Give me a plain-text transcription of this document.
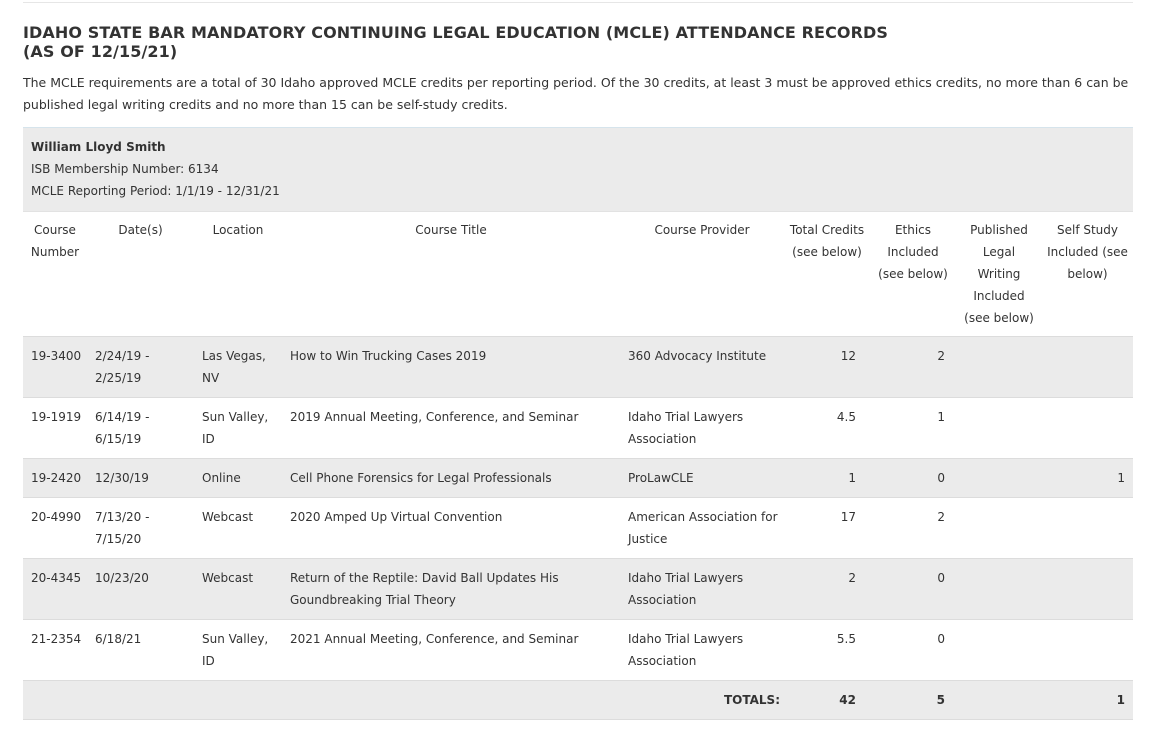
IDAHO STATE BAR MANDATORY CONTINUING LEGAL EDUCATION (MCLE) ATTENDANCE RECORDS
(AS OF 12/15/21)

The MCLE requirements are a total of 30 Idaho approved MCLE credits per reporting period. Of the 30 credits, at least 3 must be approved ethics credits, no more than 6 can be published legal writing credits and no more than 15 can be self-study credits.

William Lloyd Smith
ISB Membership Number: 6134
MCLE Reporting Period: 1/1/19 - 12/31/21
Course Number	Date(s)	Location	Course Title	Course Provider	Total Credits (see below)	Ethics Included (see below)	Published Legal Writing Included (see below)	Self Study Included (see below)
19-3400	2/24/19 - 2/25/19	Las Vegas, NV	How to Win Trucking Cases 2019	360 Advocacy Institute	12	2		
19-1919	6/14/19 - 6/15/19	Sun Valley, ID	2019 Annual Meeting, Conference, and Seminar	Idaho Trial Lawyers Association	4.5	1		
19-2420	12/30/19	Online	Cell Phone Forensics for Legal Professionals	ProLawCLE	1	0		1
20-4990	7/13/20 - 7/15/20	Webcast	2020 Amped Up Virtual Convention	American Association for Justice	17	2		
20-4345	10/23/20	Webcast	Return of the Reptile: David Ball Updates His Goundbreaking Trial Theory	Idaho Trial Lawyers Association	2	0		
21-2354	6/18/21	Sun Valley, ID	2021 Annual Meeting, Conference, and Seminar	Idaho Trial Lawyers Association	5.5	0		
TOTALS:					42	5		1
